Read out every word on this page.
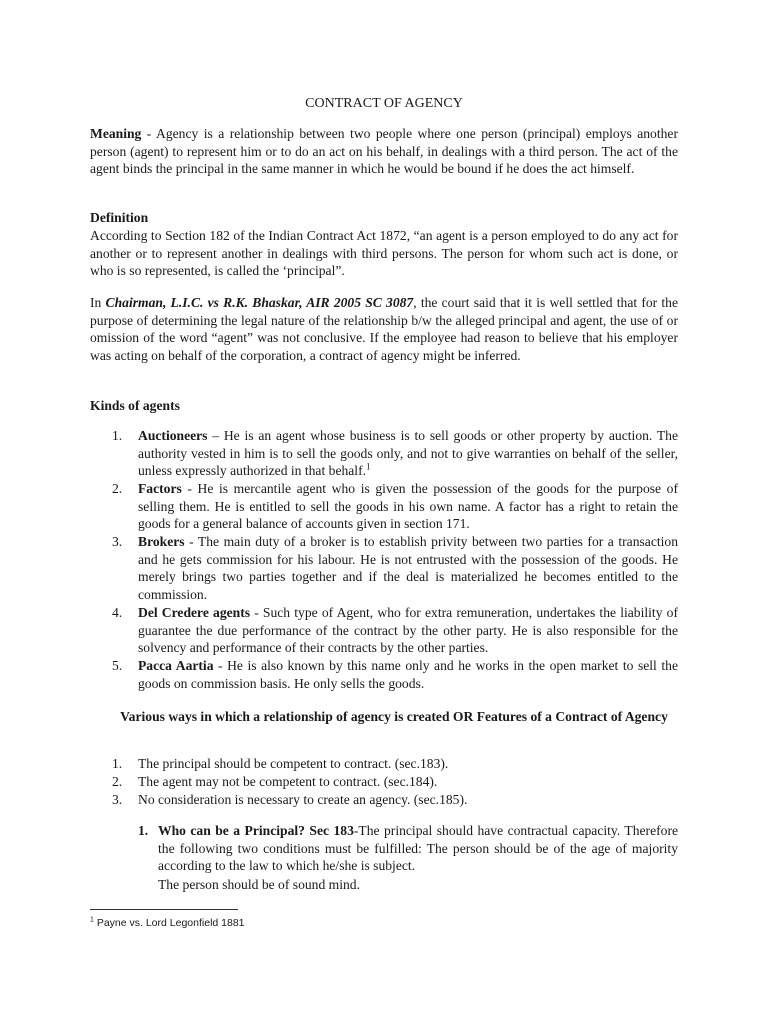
CONTRACT OF AGENCY

Meaning - Agency is a relationship between two people where one person (principal) employs another person (agent) to represent him or to do an act on his behalf, in dealings with a third person. The act of the agent binds the principal in the same manner in which he would be bound if he does the act himself.

Definition

According to Section 182 of the Indian Contract Act 1872, “an agent is a person employed to do any act for another or to represent another in dealings with third persons. The person for whom such act is done, or who is so represented, is called the ‘principal”.

In Chairman, L.I.C. vs R.K. Bhaskar, AIR 2005 SC 3087, the court said that it is well settled that for the purpose of determining the legal nature of the relationship b/w the alleged principal and agent, the use of or omission of the word “agent” was not conclusive. If the employee had reason to believe that his employer was acting on behalf of the corporation, a contract of agency might be inferred.

Kinds of agents
1. Auctioneers – He is an agent whose business is to sell goods or other property by auction. The authority vested in him is to sell the goods only, and not to give warranties on behalf of the seller, unless expressly authorized in that behalf.$^1$
2. Factors - He is mercantile agent who is given the possession of the goods for the purpose of selling them. He is entitled to sell the goods in his own name. A factor has a right to retain the goods for a general balance of accounts given in section 171.
3. Brokers - The main duty of a broker is to establish privity between two parties for a transaction and he gets commission for his labour. He is not entrusted with the possession of the goods. He merely brings two parties together and if the deal is materialized he becomes entitled to the commission.
4. Del Credere agents - Such type of Agent, who for extra remuneration, undertakes the liability of guarantee the due performance of the contract by the other party. He is also responsible for the solvency and performance of their contracts by the other parties.
5. Pacca Aartia - He is also known by this name only and he works in the open market to sell the goods on commission basis. He only sells the goods.
Various ways in which a relationship of agency is created OR Features of a Contract of Agency
1. The principal should be competent to contract. (sec.183).
2. The agent may not be competent to contract. (sec.184).
3. No consideration is necessary to create an agency. (sec.185).
1. Who can be a Principal? Sec 183-The principal should have contractual capacity. Therefore the following two conditions must be fulfilled: The person should be of the age of majority according to the law to which he/she is subject.
The person should be of sound mind.
$^1$ Payne vs. Lord Legonfield 1881
